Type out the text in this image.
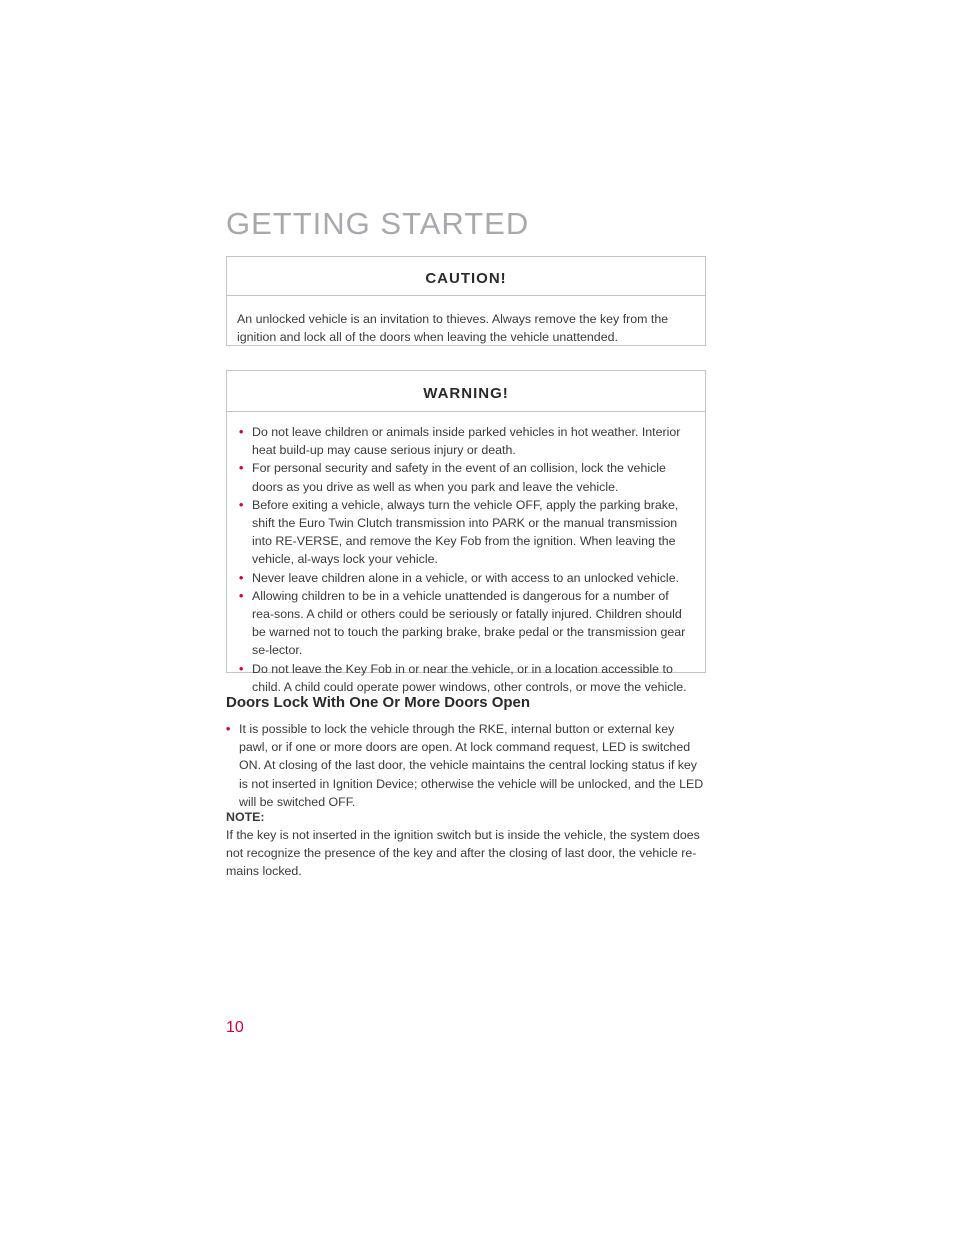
GETTING STARTED
CAUTION!
An unlocked vehicle is an invitation to thieves. Always remove the key from the ignition and lock all of the doors when leaving the vehicle unattended.
WARNING!
• Do not leave children or animals inside parked vehicles in hot weather. Interior heat build-up may cause serious injury or death.
• For personal security and safety in the event of an collision, lock the vehicle doors as you drive as well as when you park and leave the vehicle.
• Before exiting a vehicle, always turn the vehicle OFF, apply the parking brake, shift the Euro Twin Clutch transmission into PARK or the manual transmission into RE-VERSE, and remove the Key Fob from the ignition. When leaving the vehicle, al-ways lock your vehicle.
• Never leave children alone in a vehicle, or with access to an unlocked vehicle.
• Allowing children to be in a vehicle unattended is dangerous for a number of rea-sons. A child or others could be seriously or fatally injured. Children should be warned not to touch the parking brake, brake pedal or the transmission gear se-lector.
• Do not leave the Key Fob in or near the vehicle, or in a location accessible to child. A child could operate power windows, other controls, or move the vehicle.
Doors Lock With One Or More Doors Open
• It is possible to lock the vehicle through the RKE, internal button or external key pawl, or if one or more doors are open. At lock command request, LED is switched ON. At closing of the last door, the vehicle maintains the central locking status if key is not inserted in Ignition Device; otherwise the vehicle will be unlocked, and the LED will be switched OFF.
NOTE:
If the key is not inserted in the ignition switch but is inside the vehicle, the system does not recognize the presence of the key and after the closing of last door, the vehicle re-mains locked.
10
